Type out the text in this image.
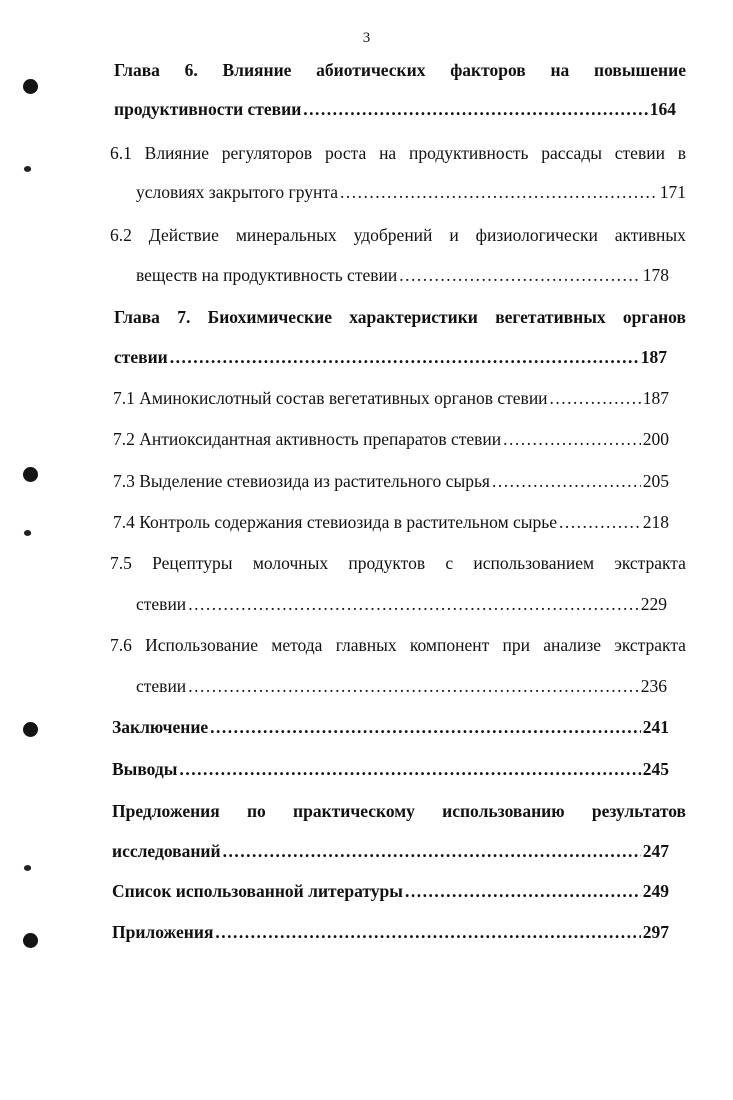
3
Глава 6. Влияние абиотических факторов на повышение
продуктивности стевии .....	164
6.1 Влияние регуляторов роста на продуктивность рассады стевии в
условиях закрытого грунта .....	171
6.2 Действие минеральных удобрений и физиологически активных
веществ на продуктивность стевии .....	178
Глава 7. Биохимические характеристики вегетативных органов
стевии .....	187
7.1 Аминокислотный состав вегетативных органов стевии .....	187
7.2 Антиоксидантная активность препаратов стевии .....	200
7.3 Выделение стевиозида из растительного сырья .....	205
7.4 Контроль содержания стевиозида в растительном сырье .....	218
7.5 Рецептуры молочных продуктов с использованием экстракта
стевии .....	229
7.6 Использование метода главных компонент при анализе экстракта
стевии .....	236
Заключение .....	241
Выводы .....	245
Предложения по практическому использованию результатов
исследований .....	247
Список использованной литературы .....	249
Приложения .....	297
